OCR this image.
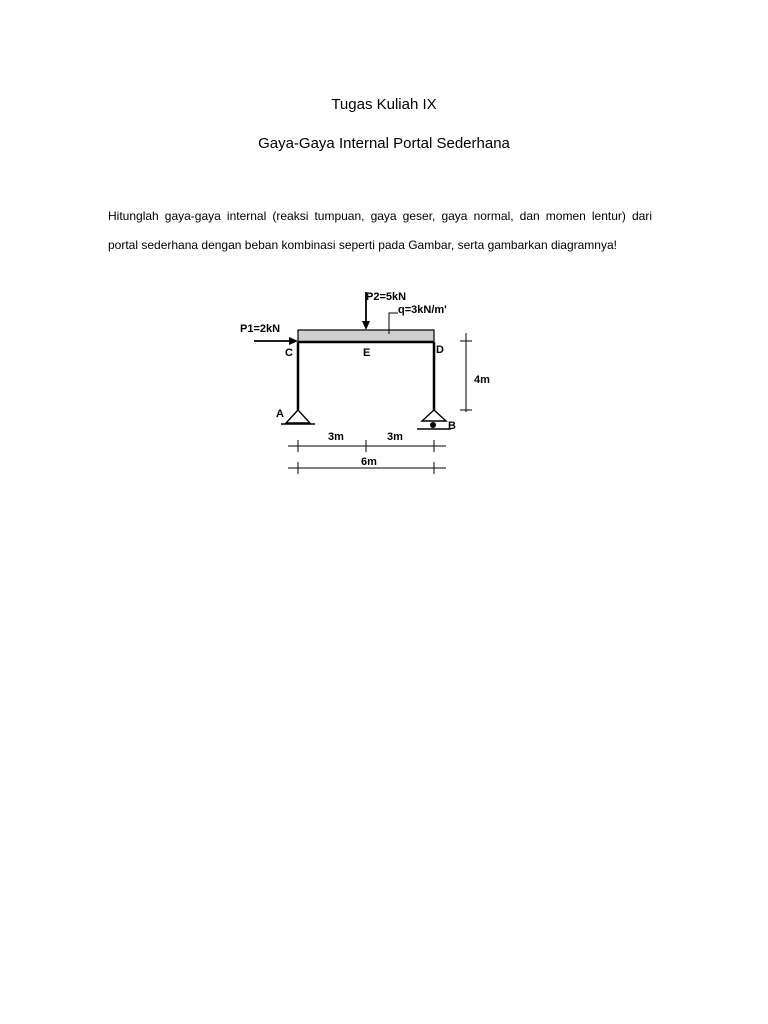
Tugas Kuliah IX
Gaya-Gaya Internal Portal Sederhana
Hitunglah gaya-gaya internal (reaksi tumpuan, gaya geser, gaya normal, dan momen lentur) dari
portal sederhana dengan beban kombinasi seperti pada Gambar, serta gambarkan diagramnya!
P1=2kN
P2=5kN
q=3kN/m'
C	E	D
A
B
4m
3m	3m
6m
